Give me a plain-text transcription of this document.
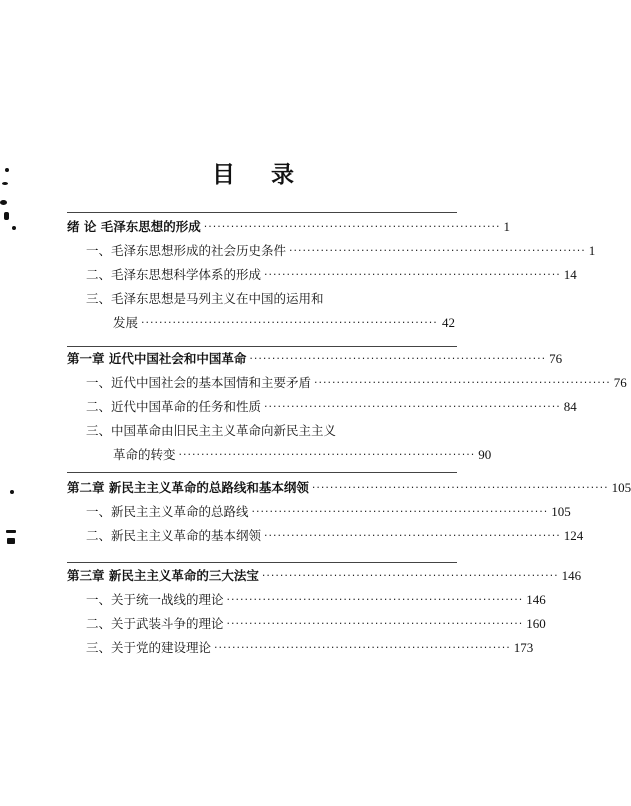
目 录
绪 论 毛泽东思想的形成 ·································································· 1
一、毛泽东思想形成的社会历史条件 ·································································· 1
二、毛泽东思想科学体系的形成 ·································································· 14
三、毛泽东思想是马列主义在中国的运用和
发展 ·································································· 42
第一章 近代中国社会和中国革命 ·································································· 76
一、近代中国社会的基本国情和主要矛盾 ·································································· 76
二、近代中国革命的任务和性质 ·································································· 84
三、中国革命由旧民主主义革命向新民主主义
革命的转变 ·································································· 90
第二章 新民主主义革命的总路线和基本纲领 ·································································· 105
一、新民主主义革命的总路线 ·································································· 105
二、新民主主义革命的基本纲领 ·································································· 124
第三章 新民主主义革命的三大法宝 ·································································· 146
一、关于统一战线的理论 ·································································· 146
二、关于武装斗争的理论 ·································································· 160
三、关于党的建设理论 ·································································· 173
